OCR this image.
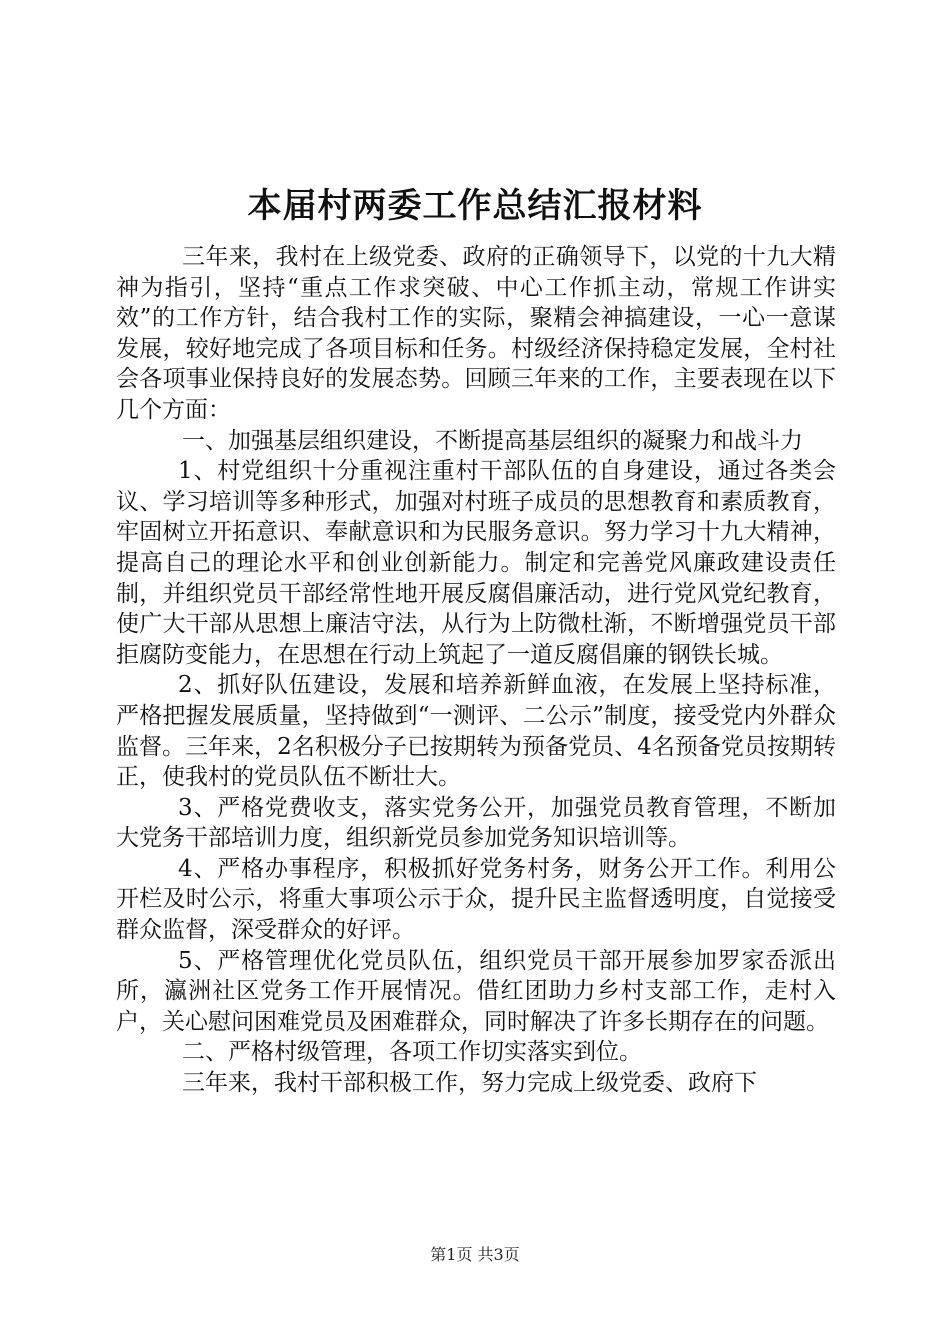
本届村两委工作总结汇报材料

三年来，我村在上级党委、政府的正确领导下，以党的十九大精神为指引，坚持“重点工作求突破、中心工作抓主动，常规工作讲实效”的工作方针，结合我村工作的实际，聚精会神搞建设，一心一意谋发展，较好地完成了各项目标和任务。村级经济保持稳定发展，全村社会各项事业保持良好的发展态势。回顾三年来的工作，主要表现在以下几个方面：

一、加强基层组织建设，不断提高基层组织的凝聚力和战斗力

1、村党组织十分重视注重村干部队伍的自身建设，通过各类会议、学习培训等多种形式，加强对村班子成员的思想教育和素质教育，牢固树立开拓意识、奉献意识和为民服务意识。努力学习十九大精神，提高自己的理论水平和创业创新能力。制定和完善党风廉政建设责任制，并组织党员干部经常性地开展反腐倡廉活动，进行党风党纪教育，使广大干部从思想上廉洁守法，从行为上防微杜渐，不断增强党员干部拒腐防变能力，在思想在行动上筑起了一道反腐倡廉的钢铁长城。

2、抓好队伍建设，发展和培养新鲜血液，在发展上坚持标准，严格把握发展质量，坚持做到“一测评、二公示”制度，接受党内外群众监督。三年来，2名积极分子已按期转为预备党员、4名预备党员按期转正，使我村的党员队伍不断壮大。

3、严格党费收支，落实党务公开，加强党员教育管理，不断加大党务干部培训力度，组织新党员参加党务知识培训等。

4、严格办事程序，积极抓好党务村务，财务公开工作。利用公开栏及时公示，将重大事项公示于众，提升民主监督透明度，自觉接受群众监督，深受群众的好评。

5、严格管理优化党员队伍，组织党员干部开展参加罗家岙派出所，瀛洲社区党务工作开展情况。借红团助力乡村支部工作，走村入户，关心慰问困难党员及困难群众，同时解决了许多长期存在的问题。

二、严格村级管理，各项工作切实落实到位。

三年来，我村干部积极工作，努力完成上级党委、政府下

第1页 共3页
